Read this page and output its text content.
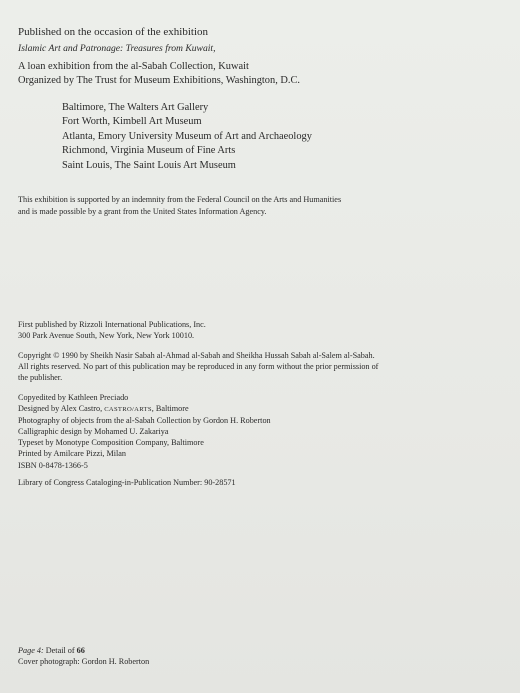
Published on the occasion of the exhibition
Islamic Art and Patronage: Treasures from Kuwait,
A loan exhibition from the al-Sabah Collection, Kuwait
Organized by The Trust for Museum Exhibitions, Washington, D.C.
Baltimore, The Walters Art Gallery
Fort Worth, Kimbell Art Museum
Atlanta, Emory University Museum of Art and Archaeology
Richmond, Virginia Museum of Fine Arts
Saint Louis, The Saint Louis Art Museum
This exhibition is supported by an indemnity from the Federal Council on the Arts and Humanities
and is made possible by a grant from the United States Information Agency.
First published by Rizzoli International Publications, Inc.
300 Park Avenue South, New York, New York 10010.
Copyright © 1990 by Sheikh Nasir Sabah al-Ahmad al-Sabah and Sheikha Hussah Sabah al-Salem al-Sabah.
All rights reserved. No part of this publication may be reproduced in any form without the prior permission of
the publisher.
Copyedited by Kathleen Preciado
Designed by Alex Castro, CASTRO/ARTS, Baltimore
Photography of objects from the al-Sabah Collection by Gordon H. Roberton
Calligraphic design by Mohamed U. Zakariya
Typeset by Monotype Composition Company, Baltimore
Printed by Amilcare Pizzi, Milan
ISBN 0-8478-1366-5
Library of Congress Cataloging-in-Publication Number: 90-28571
Page 4: Detail of 66
Cover photograph: Gordon H. Roberton
